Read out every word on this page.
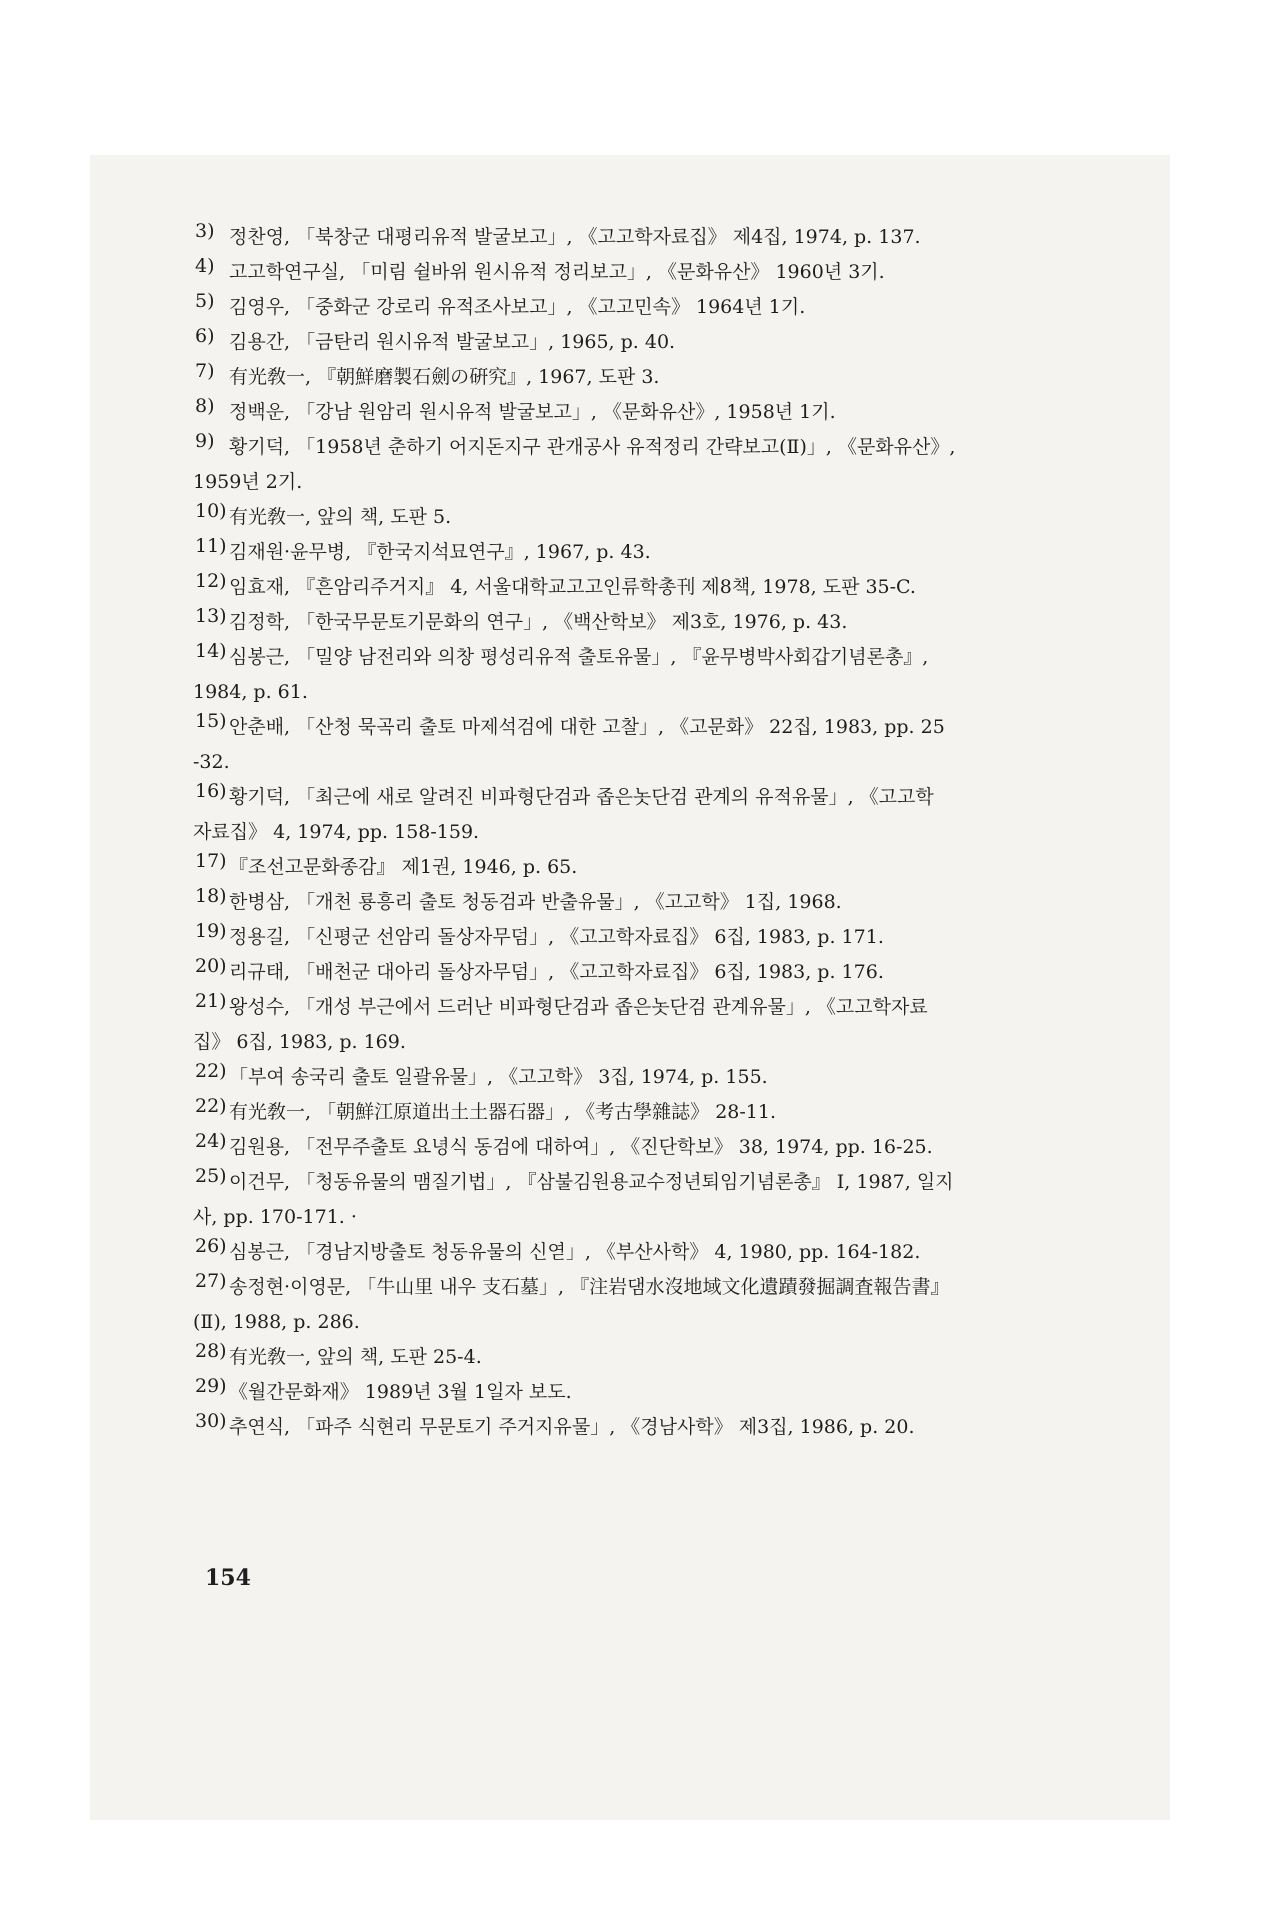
3) 정찬영, 「북창군 대평리유적 발굴보고」, 《고고학자료집》 제4집, 1974, p. 137.
4) 고고학연구실, 「미림 쉴바위 원시유적 정리보고」, 《문화유산》 1960년 3기.
5) 김영우, 「중화군 강로리 유적조사보고」, 《고고민속》 1964년 1기.
6) 김용간, 「금탄리 원시유적 발굴보고」, 1965, p. 40.
7) 有光敎一, 『朝鮮磨製石劍の硏究』, 1967, 도판 3.
8) 정백운, 「강남 원암리 원시유적 발굴보고」, 《문화유산》, 1958년 1기.
9) 황기덕, 「1958년 춘하기 어지돈지구 관개공사 유적정리 간략보고(Ⅱ)」, 《문화유산》,
1959년 2기.
10) 有光敎一, 앞의 책, 도판 5.
11) 김재원·윤무병, 『한국지석묘연구』, 1967, p. 43.
12) 임효재, 『흔암리주거지』 4, 서울대학교고고인류학총刊 제8책, 1978, 도판 35-C.
13) 김정학, 「한국무문토기문화의 연구」, 《백산학보》 제3호, 1976, p. 43.
14) 심봉근, 「밀양 남전리와 의창 평성리유적 출토유물」, 『윤무병박사회갑기념론총』,
1984, p. 61.
15) 안춘배, 「산청 묵곡리 출토 마제석검에 대한 고찰」, 《고문화》 22집, 1983, pp. 25
-32.
16) 황기덕, 「최근에 새로 알려진 비파형단검과 좁은놋단검 관계의 유적유물」, 《고고학
자료집》 4, 1974, pp. 158-159.
17) 『조선고문화종감』 제1권, 1946, p. 65.
18) 한병삼, 「개천 룡흥리 출토 청동검과 반출유물」, 《고고학》 1집, 1968.
19) 정용길, 「신평군 선암리 돌상자무덤」, 《고고학자료집》 6집, 1983, p. 171.
20) 리규태, 「배천군 대아리 돌상자무덤」, 《고고학자료집》 6집, 1983, p. 176.
21) 왕성수, 「개성 부근에서 드러난 비파형단검과 좁은놋단검 관계유물」, 《고고학자료
집》 6집, 1983, p. 169.
22) 「부여 송국리 출토 일괄유물」, 《고고학》 3집, 1974, p. 155.
22) 有光敎一, 「朝鮮江原道出土土器石器」, 《考古學雜誌》 28-11.
24) 김원용, 「전무주출토 요녕식 동검에 대하여」, 《진단학보》 38, 1974, pp. 16-25.
25) 이건무, 「청동유물의 맴질기법」, 『삼불김원용교수정년퇴임기념론총』 Ⅰ, 1987, 일지
사, pp. 170-171. ·
26) 심봉근, 「경남지방출토 청동유물의 신엳」, 《부산사학》 4, 1980, pp. 164-182.
27) 송정현·이영문, 「牛山里 내우 支石墓」, 『注岩댐水沒地域文化遺蹟發掘調査報告書』
(Ⅱ), 1988, p. 286.
28) 有光敎一, 앞의 책, 도판 25-4.
29) 《월간문화재》 1989년 3월 1일자 보도.
30) 추연식, 「파주 식현리 무문토기 주거지유물」, 《경남사학》 제3집, 1986, p. 20.
154
